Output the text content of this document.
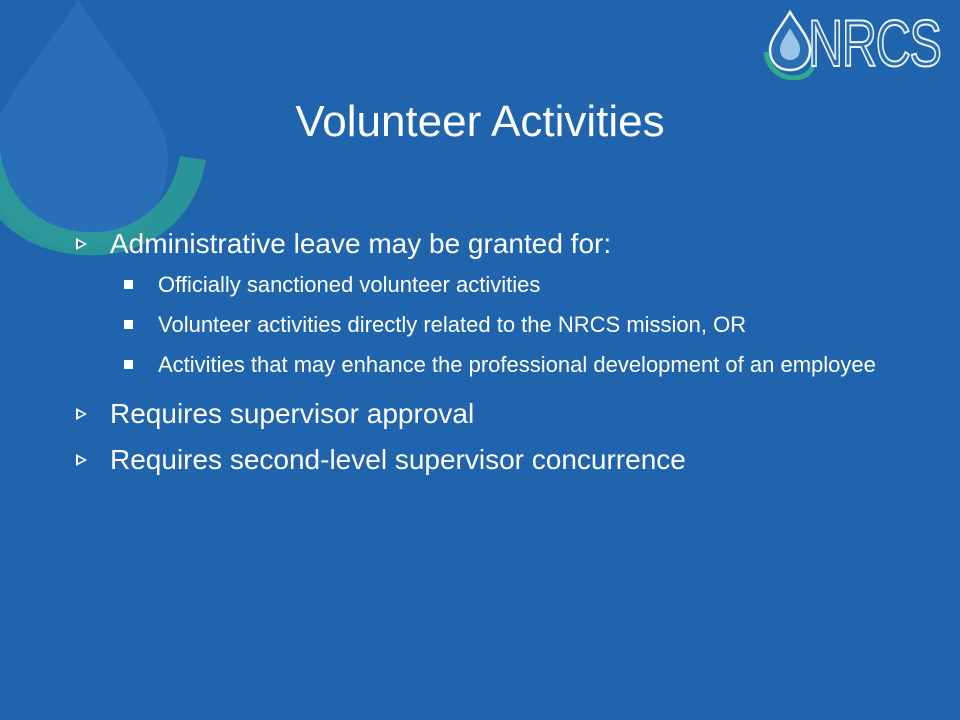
NRCS
Volunteer Activities
Administrative leave may be granted for:
Officially sanctioned volunteer activities
Volunteer activities directly related to the NRCS mission, OR
Activities that may enhance the professional development of an employee
Requires supervisor approval
Requires second-level supervisor concurrence
